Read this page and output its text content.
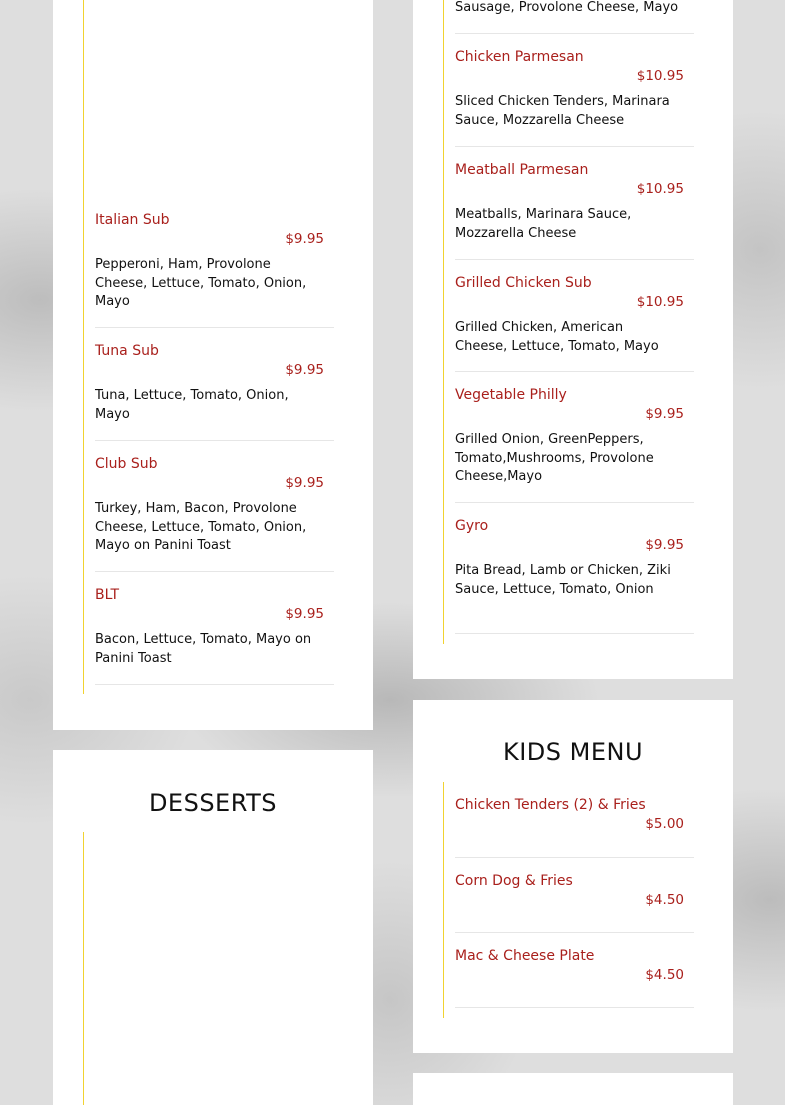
Italian Sub
$9.95
Pepperoni, Ham, Provolone Cheese, Lettuce, Tomato, Onion, Mayo
Tuna Sub
$9.95
Tuna, Lettuce, Tomato, Onion, Mayo
Club Sub
$9.95
Turkey, Ham, Bacon, Provolone Cheese, Lettuce, Tomato, Onion, Mayo on Panini Toast
BLT
$9.95
Bacon, Lettuce, Tomato, Mayo on Panini Toast
Sausage, Provolone Cheese, Mayo
Chicken Parmesan
$10.95
Sliced Chicken Tenders, Marinara Sauce, Mozzarella Cheese
Meatball Parmesan
$10.95
Meatballs, Marinara Sauce, Mozzarella Cheese
Grilled Chicken Sub
$10.95
Grilled Chicken, American Cheese, Lettuce, Tomato, Mayo
Vegetable Philly
$9.95
Grilled Onion, GreenPeppers, Tomato,Mushrooms, Provolone Cheese,Mayo
Gyro
$9.95
Pita Bread, Lamb or Chicken, Ziki Sauce, Lettuce, Tomato, Onion
DESSERTS
KIDS MENU
Chicken Tenders (2) & Fries
$5.00
Corn Dog & Fries
$4.50
Mac & Cheese Plate
$4.50
